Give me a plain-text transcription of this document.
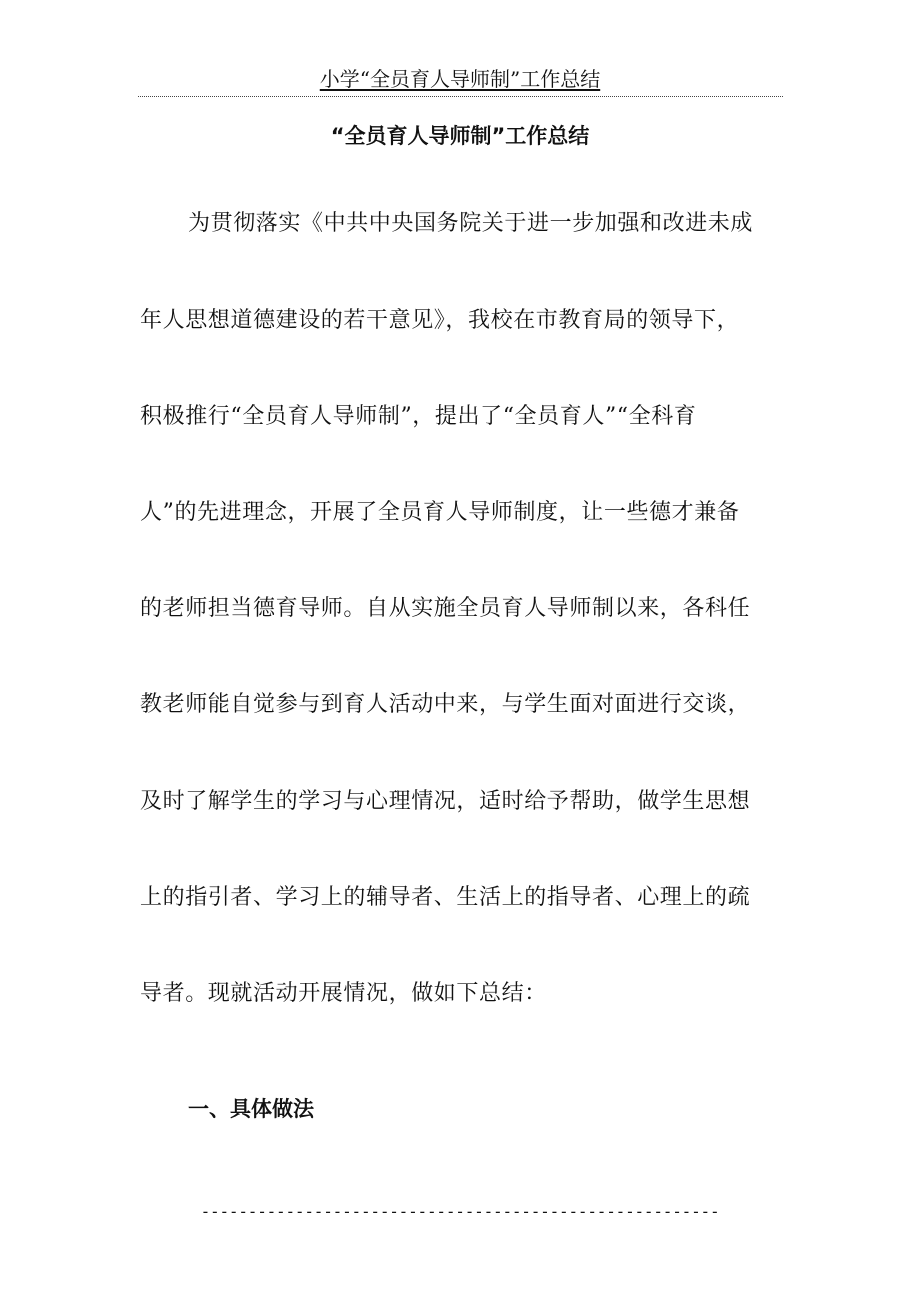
小学“全员育人导师制”工作总结
“全员育人导师制”工作总结
为贯彻落实《中共中央国务院关于进一步加强和改进未成
年人思想道德建设的若干意见》，我校在市教育局的领导下，
积极推行“全员育人导师制”，提出了“全员育人”“全科育
人”的先进理念，开展了全员育人导师制度，让一些德才兼备
的老师担当德育导师。自从实施全员育人导师制以来，各科任
教老师能自觉参与到育人活动中来，与学生面对面进行交谈，
及时了解学生的学习与心理情况，适时给予帮助，做学生思想
上的指引者、学习上的辅导者、生活上的指导者、心理上的疏
导者。现就活动开展情况，做如下总结：
一、具体做法
-------------------------------------------------------
